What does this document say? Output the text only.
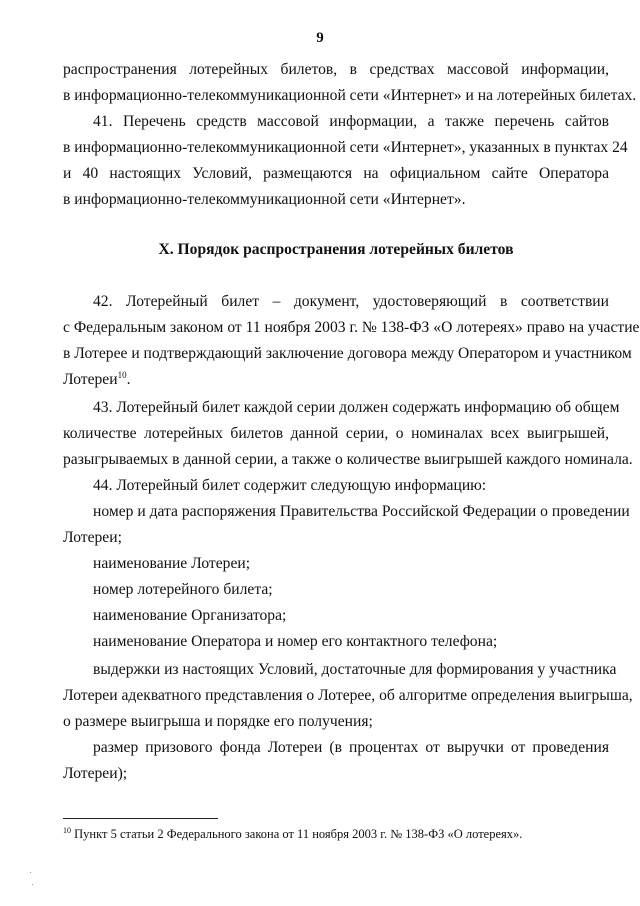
9
распространения лотерейных билетов, в средствах массовой информации,
в информационно-телекоммуникационной сети «Интернет» и на лотерейных билетах.
41. Перечень средств массовой информации, а также перечень сайтов
в информационно-телекоммуникационной сети «Интернет», указанных в пунктах 24
и 40 настоящих Условий, размещаются на официальном сайте Оператора
в информационно-телекоммуникационной сети «Интернет».
X. Порядок распространения лотерейных билетов
42. Лотерейный билет – документ, удостоверяющий в соответствии
с Федеральным законом от 11 ноября 2003 г. № 138-ФЗ «О лотереях» право на участие
в Лотерее и подтверждающий заключение договора между Оператором и участником
Лотереи$^{10}$.
43. Лотерейный билет каждой серии должен содержать информацию об общем
количестве лотерейных билетов данной серии, о номиналах всех выигрышей,
разыгрываемых в данной серии, а также о количестве выигрышей каждого номинала.
44. Лотерейный билет содержит следующую информацию:
номер и дата распоряжения Правительства Российской Федерации о проведении
Лотереи;
наименование Лотереи;
номер лотерейного билета;
наименование Организатора;
наименование Оператора и номер его контактного телефона;
выдержки из настоящих Условий, достаточные для формирования у участника
Лотереи адекватного представления о Лотерее, об алгоритме определения выигрыша,
о размере выигрыша и порядке его получения;
размер призового фонда Лотереи (в процентах от выручки от проведения
Лотереи);
$^{10}$ Пункт 5 статьи 2 Федерального закона от 11 ноября 2003 г. № 138-ФЗ «О лотереях».
